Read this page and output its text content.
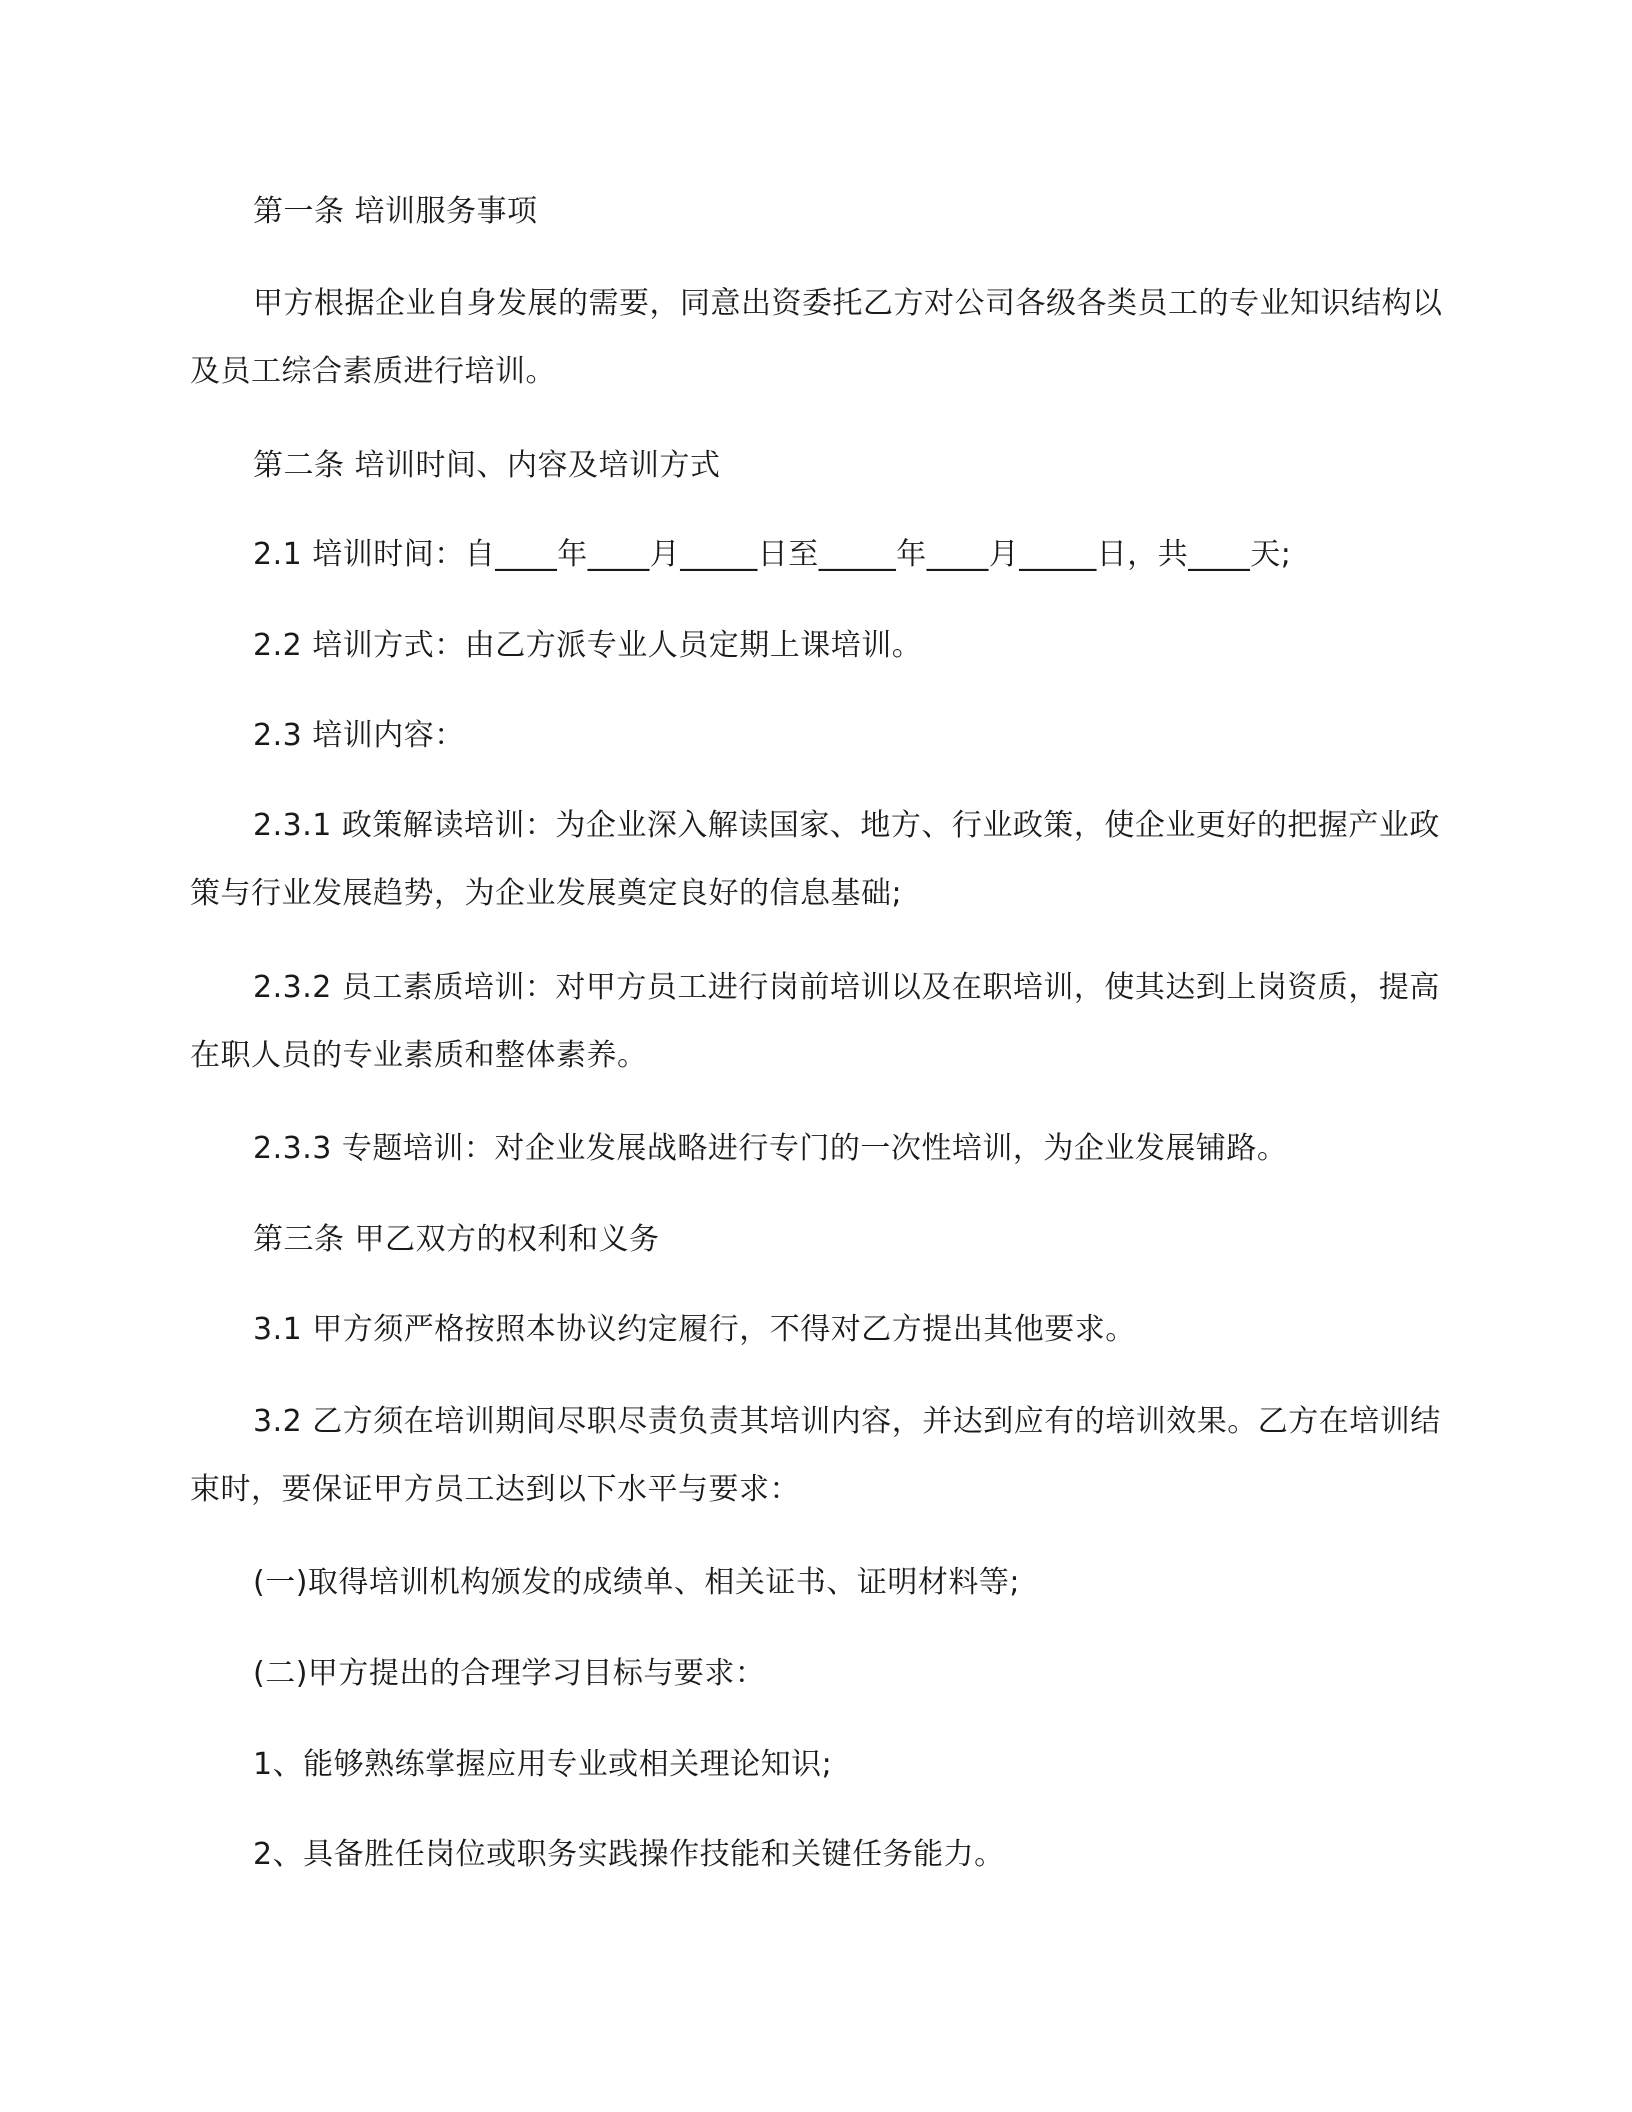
第一条 培训服务事项

甲方根据企业自身发展的需要，同意出资委托乙方对公司各级各类员工的专业知识结构以及员工综合素质进行培训。

第二条 培训时间、内容及培训方式

2.1 培训时间：自____年____月_____日至_____年____月_____日，共____天;

2.2 培训方式：由乙方派专业人员定期上课培训。

2.3 培训内容：

2.3.1 政策解读培训：为企业深入解读国家、地方、行业政策，使企业更好的把握产业政策与行业发展趋势，为企业发展奠定良好的信息基础;

2.3.2 员工素质培训：对甲方员工进行岗前培训以及在职培训，使其达到上岗资质，提高在职人员的专业素质和整体素养。

2.3.3 专题培训：对企业发展战略进行专门的一次性培训，为企业发展铺路。

第三条 甲乙双方的权利和义务

3.1 甲方须严格按照本协议约定履行，不得对乙方提出其他要求。

3.2 乙方须在培训期间尽职尽责负责其培训内容，并达到应有的培训效果。乙方在培训结束时，要保证甲方员工达到以下水平与要求：

(一)取得培训机构颁发的成绩单、相关证书、证明材料等;

(二)甲方提出的合理学习目标与要求：

1、能够熟练掌握应用专业或相关理论知识;

2、具备胜任岗位或职务实践操作技能和关键任务能力。
